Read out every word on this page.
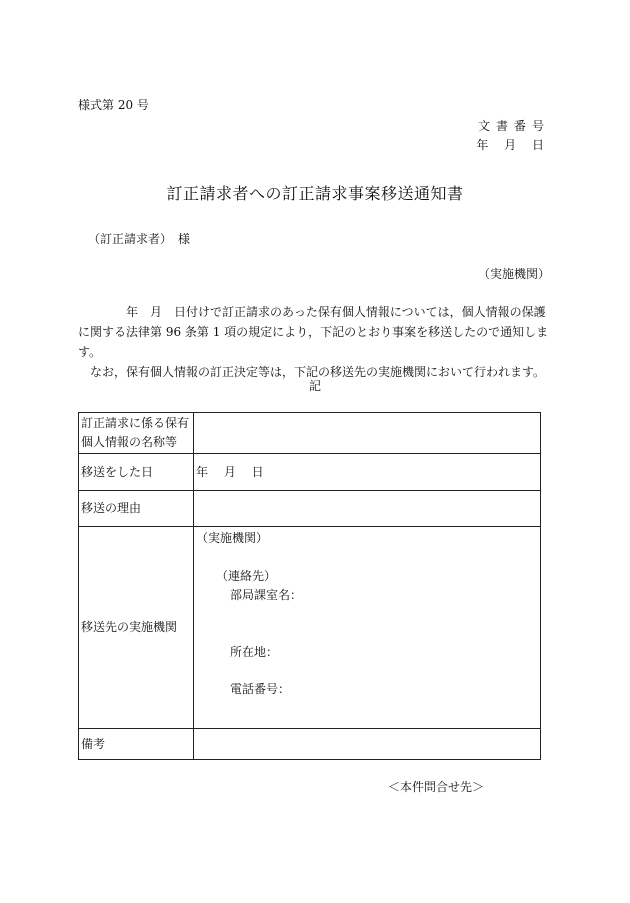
様式第 20 号
文書番号
年 月 日
訂正請求者への訂正請求事案移送通知書
（訂正請求者）　様
（実施機関）

年　月　日付けで訂正請求のあった保有個人情報については，個人情報の保護に関する法律第 96 条第 1 項の規定により，下記のとおり事案を移送したので通知します。

なお，保有個人情報の訂正決定等は，下記の移送先の実施機関において行われます。

記
訂正請求に係る保有個人情報の名称等	
移送をした日	年　 月　 日
移送の理由	
移送先の実施機関	（実施機関）
（連絡先）
部局課室名：
所在地：
電話番号：

備考	
＜本件問合せ先＞
